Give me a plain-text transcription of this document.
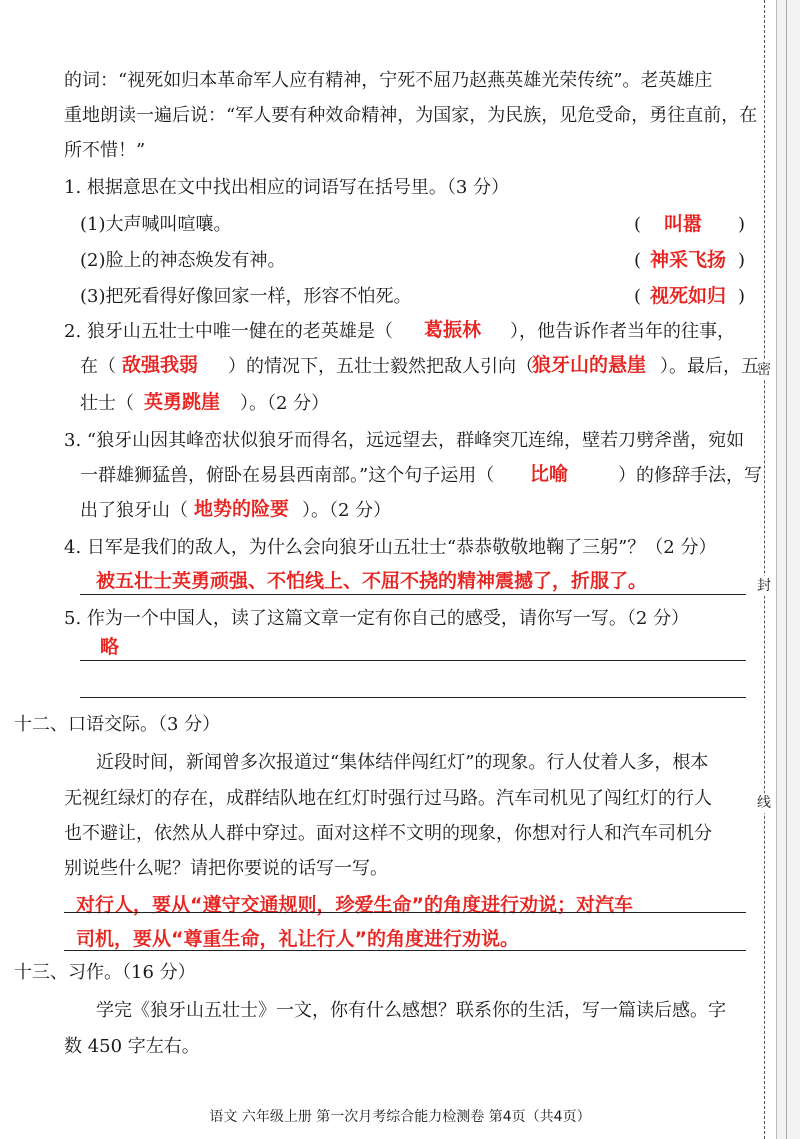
密
封
线
的词：“视死如归本革命军人应有精神，宁死不屈乃赵燕英雄光荣传统”。老英雄庄
重地朗读一遍后说：“军人要有种效命精神，为国家，为民族，见危受命，勇往直前，在
所不惜！”
1. 根据意思在文中找出相应的词语写在括号里。（3 分）
(1)大声喊叫喧嚷。	( 叫嚣 )
(2)脸上的神态焕发有神。	( 神采飞扬 )
(3)把死看得好像回家一样，形容不怕死。	( 视死如归 )
2. 狼牙山五壮士中唯一健在的老英雄是（ 葛振林 ），他告诉作者当年的往事，
在（ 敌强我弱 ）的情况下，五壮士毅然把敌人引向（
狼牙山的悬崖 ）。最后，五
壮士（ 英勇跳崖 ）。（2 分）
3. “狼牙山因其峰峦状似狼牙而得名，远远望去，群峰突兀连绵，壁若刀劈斧凿，宛如
一群雄狮猛兽，俯卧在易县西南部。”这个句子运用（ 比喻	）的修辞手法，写
出了狼牙山（ 地势的险要 ）。（2 分）
4. 日军是我们的敌人，为什么会向狼牙山五壮士“恭恭敬敬地鞠了三躬”？（2 分）
被五壮士英勇顽强、不怕线上、不屈不挠的精神震撼了，折服了。
5. 作为一个中国人，读了这篇文章一定有你自己的感受，请你写一写。（2 分）
略
十二、口语交际。（3 分）
近段时间，新闻曾多次报道过“集体结伴闯红灯”的现象。行人仗着人多，根本
无视红绿灯的存在，成群结队地在红灯时强行过马路。汽车司机见了闯红灯的行人
也不避让，依然从人群中穿过。面对这样不文明的现象，你想对行人和汽车司机分
别说些什么呢？请把你要说的话写一写。
对行人，要从“遵守交通规则，珍爱生命”的角度进行劝说；对汽车
司机，要从“尊重生命，礼让行人”的角度进行劝说。
十三、习作。（16 分）
学完《狼牙山五壮士》一文，你有什么感想？联系你的生活，写一篇读后感。字
数 450 字左右。
语文 六年级上册 第一次月考综合能力检测卷 第4页（共4页）
